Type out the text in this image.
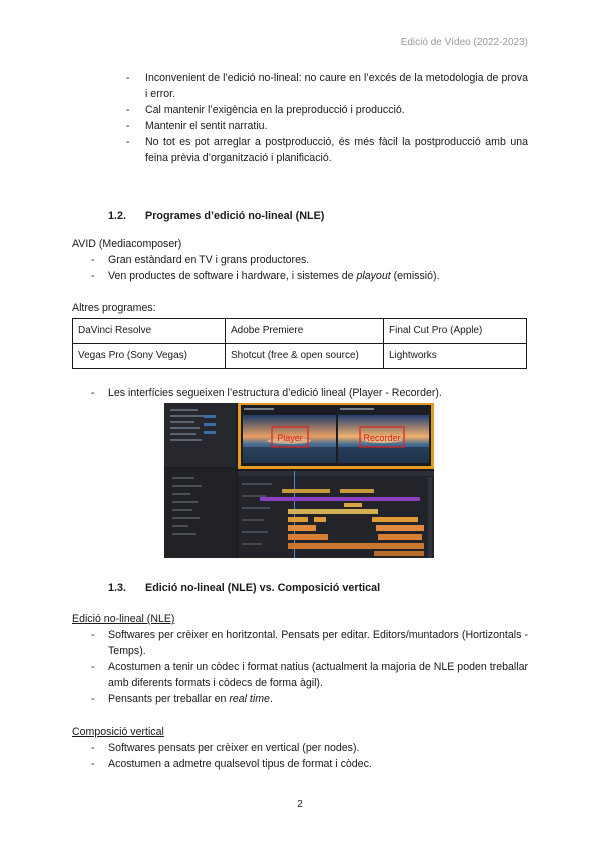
Edició de Vídeo (2022-2023)
- Inconvenient de l’edició no-lineal: no caure en l’excés de la metodologia de prova i error.
- Cal mantenir l’exigència en la preproducció i producció.
- Mantenir el sentit narratiu.
- No tot es pot arreglar a postproducció, és més fàcil la postproducció amb una feina prèvia d’organització i planificació.
1.2. Programes d’edició no-lineal (NLE)
AVID (Mediacomposer)
- Gran estàndard en TV i grans productores.
- Ven productes de software i hardware, i sistemes de playout (emissió).
Altres programes:
DaVinci Resolve	Adobe Premiere	Final Cut Pro (Apple)
Vegas Pro (Sony Vegas)	Shotcut (free & open source)	Lightworks
- Les interfícies segueixen l’estructura d’edició lineal (Player - Recorder).
Player	Recorder
1.3. Edició no-lineal (NLE) vs. Composició vertical
Edició no-lineal (NLE)
- Softwares per crèixer en horitzontal. Pensats per editar. Editors/muntadors (Hortizontals - Temps).
- Acostumen a tenir un còdec i format natius (actualment la majoria de NLE poden treballar amb diferents formats i còdecs de forma àgil).
- Pensants per treballar en real time.
Composició vertical
- Softwares pensats per crèixer en vertical (per nodes).
- Acostumen a admetre qualsevol tipus de format i còdec.
2
